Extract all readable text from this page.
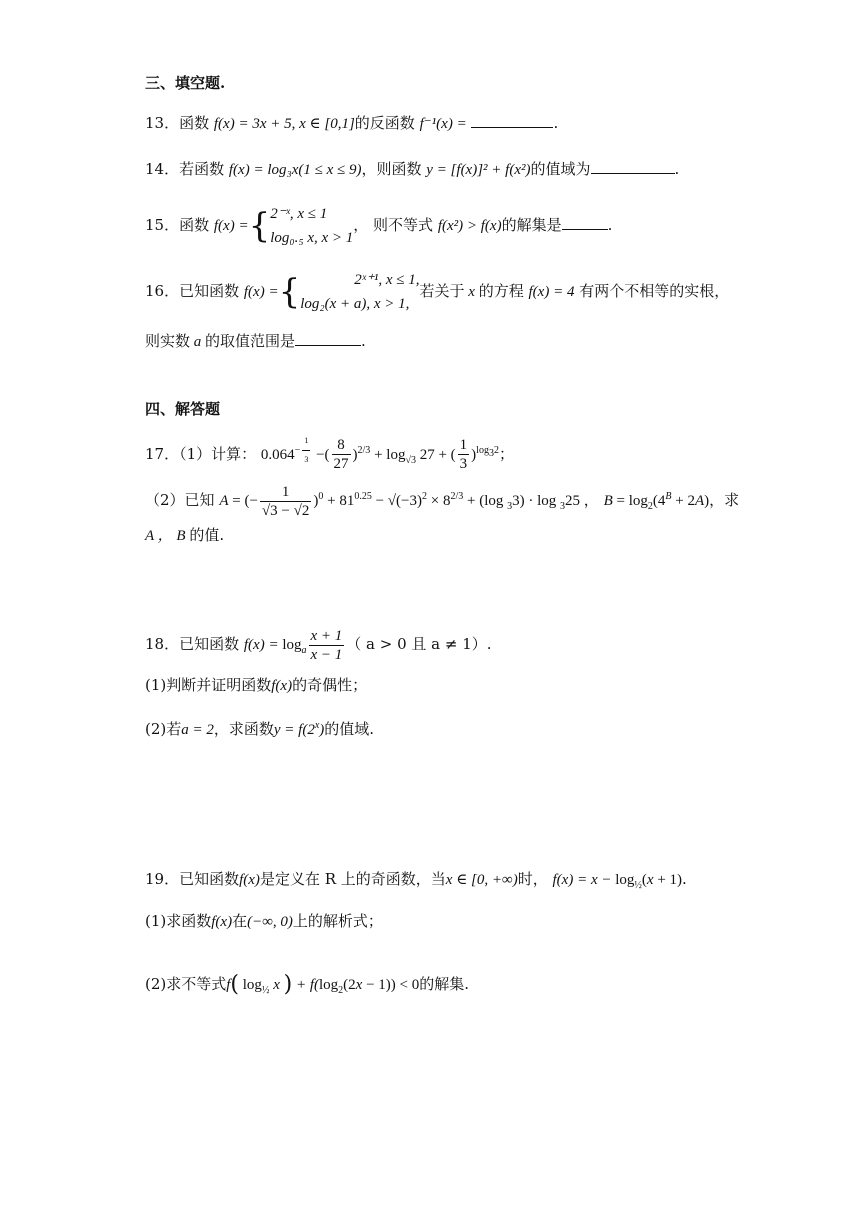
三、填空题.
13．函数 f(x) = 3x + 5, x ∈ [0,1]的反函数 f⁻¹(x) =	.
14．若函数 f(x) = log₃x(1 ≤ x ≤ 9)，则函数 y = [f(x)]² + f(x²)的值域为	.
15．函数 f(x) ={ 2⁻ˣ, x ≤ 1
log₀.₅ x, x > 1
， 则不等式 f(x²) > f(x)的解集是	.
16．已知函数 f(x) ={	2ˣ⁺¹, x ≤ 1,
log₂(x + a), x > 1,
若关于 x 的方程 f(x) = 4 有两个不相等的实根，
则实数 a 的取值范围是	.
四、解答题
17．（1）计算： $0.064^{- \frac{1}{3}}$ −( $\frac{8}{27} )^{2/3} + \log_{√3} 27$ + ( $\frac{1}{3} )^{log_32}$；
（2）已知 A = (− $\frac{1}{√3 - √2} )^0 + 81^{0.25} - √(-3)^2 \times 8^{2/3} + (\log$ $_3$3) · log $_3$25 ， $B = \log_2(4^B + 2A)$，求
A ， B 的值.
18．已知函数 $f(x) = \log_a \frac{x + 1}{x - 1}$ （ a > 0 且 a ≠ 1）.
(1)判断并证明函数f(x)的奇偶性；
(2)若a = 2，求函数$y = f(2^x)$的值域.
19．已知函数f(x)是定义在 R 上的奇函数，当x ∈ [0, +∞)时， $f(x) = x - \log_{\frac{1}{2}}(x + 1)$.
(1)求函数f(x)在(−∞, 0)上的解析式；
(2)求不等式f( $\log_{\frac{1}{2}} x$ ) + $f(\log_2(2x - 1)) < 0$的解集.
